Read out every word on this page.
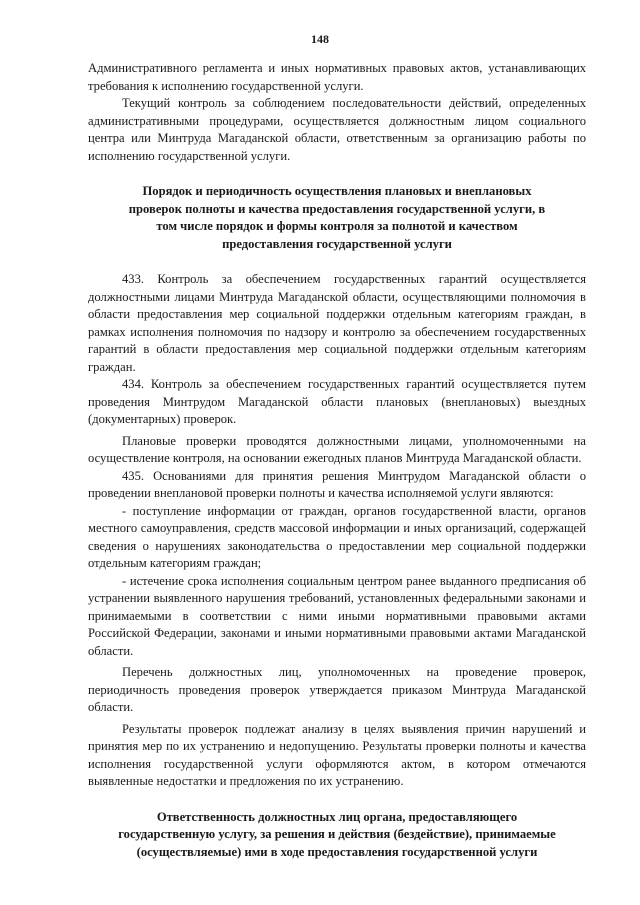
148

Административного регламента и иных нормативных правовых актов, устанавливающих требования к исполнению государственной услуги.

Текущий контроль за соблюдением последовательности действий, определенных административными процедурами, осуществляется должностным лицом социального центра или Минтруда Магаданской области, ответственным за организацию работы по исполнению государственной услуги.

Порядок и периодичность осуществления плановых и внеплановых проверок полноты и качества предоставления государственной услуги, в том числе порядок и формы контроля за полнотой и качеством предоставления государственной услуги

433. Контроль за обеспечением государственных гарантий осуществляется должностными лицами Минтруда Магаданской области, осуществляющими полномочия в области предоставления мер социальной поддержки отдельным категориям граждан, в рамках исполнения полномочия по надзору и контролю за обеспечением государственных гарантий в области предоставления мер социальной поддержки отдельным категориям граждан.

434. Контроль за обеспечением государственных гарантий осуществляется путем проведения Минтрудом Магаданской области плановых (внеплановых) выездных (документарных) проверок.

Плановые проверки проводятся должностными лицами, уполномоченными на осуществление контроля, на основании ежегодных планов Минтруда Магаданской области.

435. Основаниями для принятия решения Минтрудом Магаданской области о проведении внеплановой проверки полноты и качества исполняемой услуги являются:

- поступление информации от граждан, органов государственной власти, органов местного самоуправления, средств массовой информации и иных организаций, содержащей сведения о нарушениях законодательства о предоставлении мер социальной поддержки отдельным категориям граждан;

- истечение срока исполнения социальным центром ранее выданного предписания об устранении выявленного нарушения требований, установленных федеральными законами и принимаемыми в соответствии с ними иными нормативными правовыми актами Российской Федерации, законами и иными нормативными правовыми актами Магаданской области.

Перечень должностных лиц, уполномоченных на проведение проверок, периодичность проведения проверок утверждается приказом Минтруда Магаданской области.

Результаты проверок подлежат анализу в целях выявления причин нарушений и принятия мер по их устранению и недопущению. Результаты проверки полноты и качества исполнения государственной услуги оформляются актом, в котором отмечаются выявленные недостатки и предложения по их устранению.

Ответственность должностных лиц органа, предоставляющего государственную услугу, за решения и действия (бездействие), принимаемые (осуществляемые) ими в ходе предоставления государственной услуги
